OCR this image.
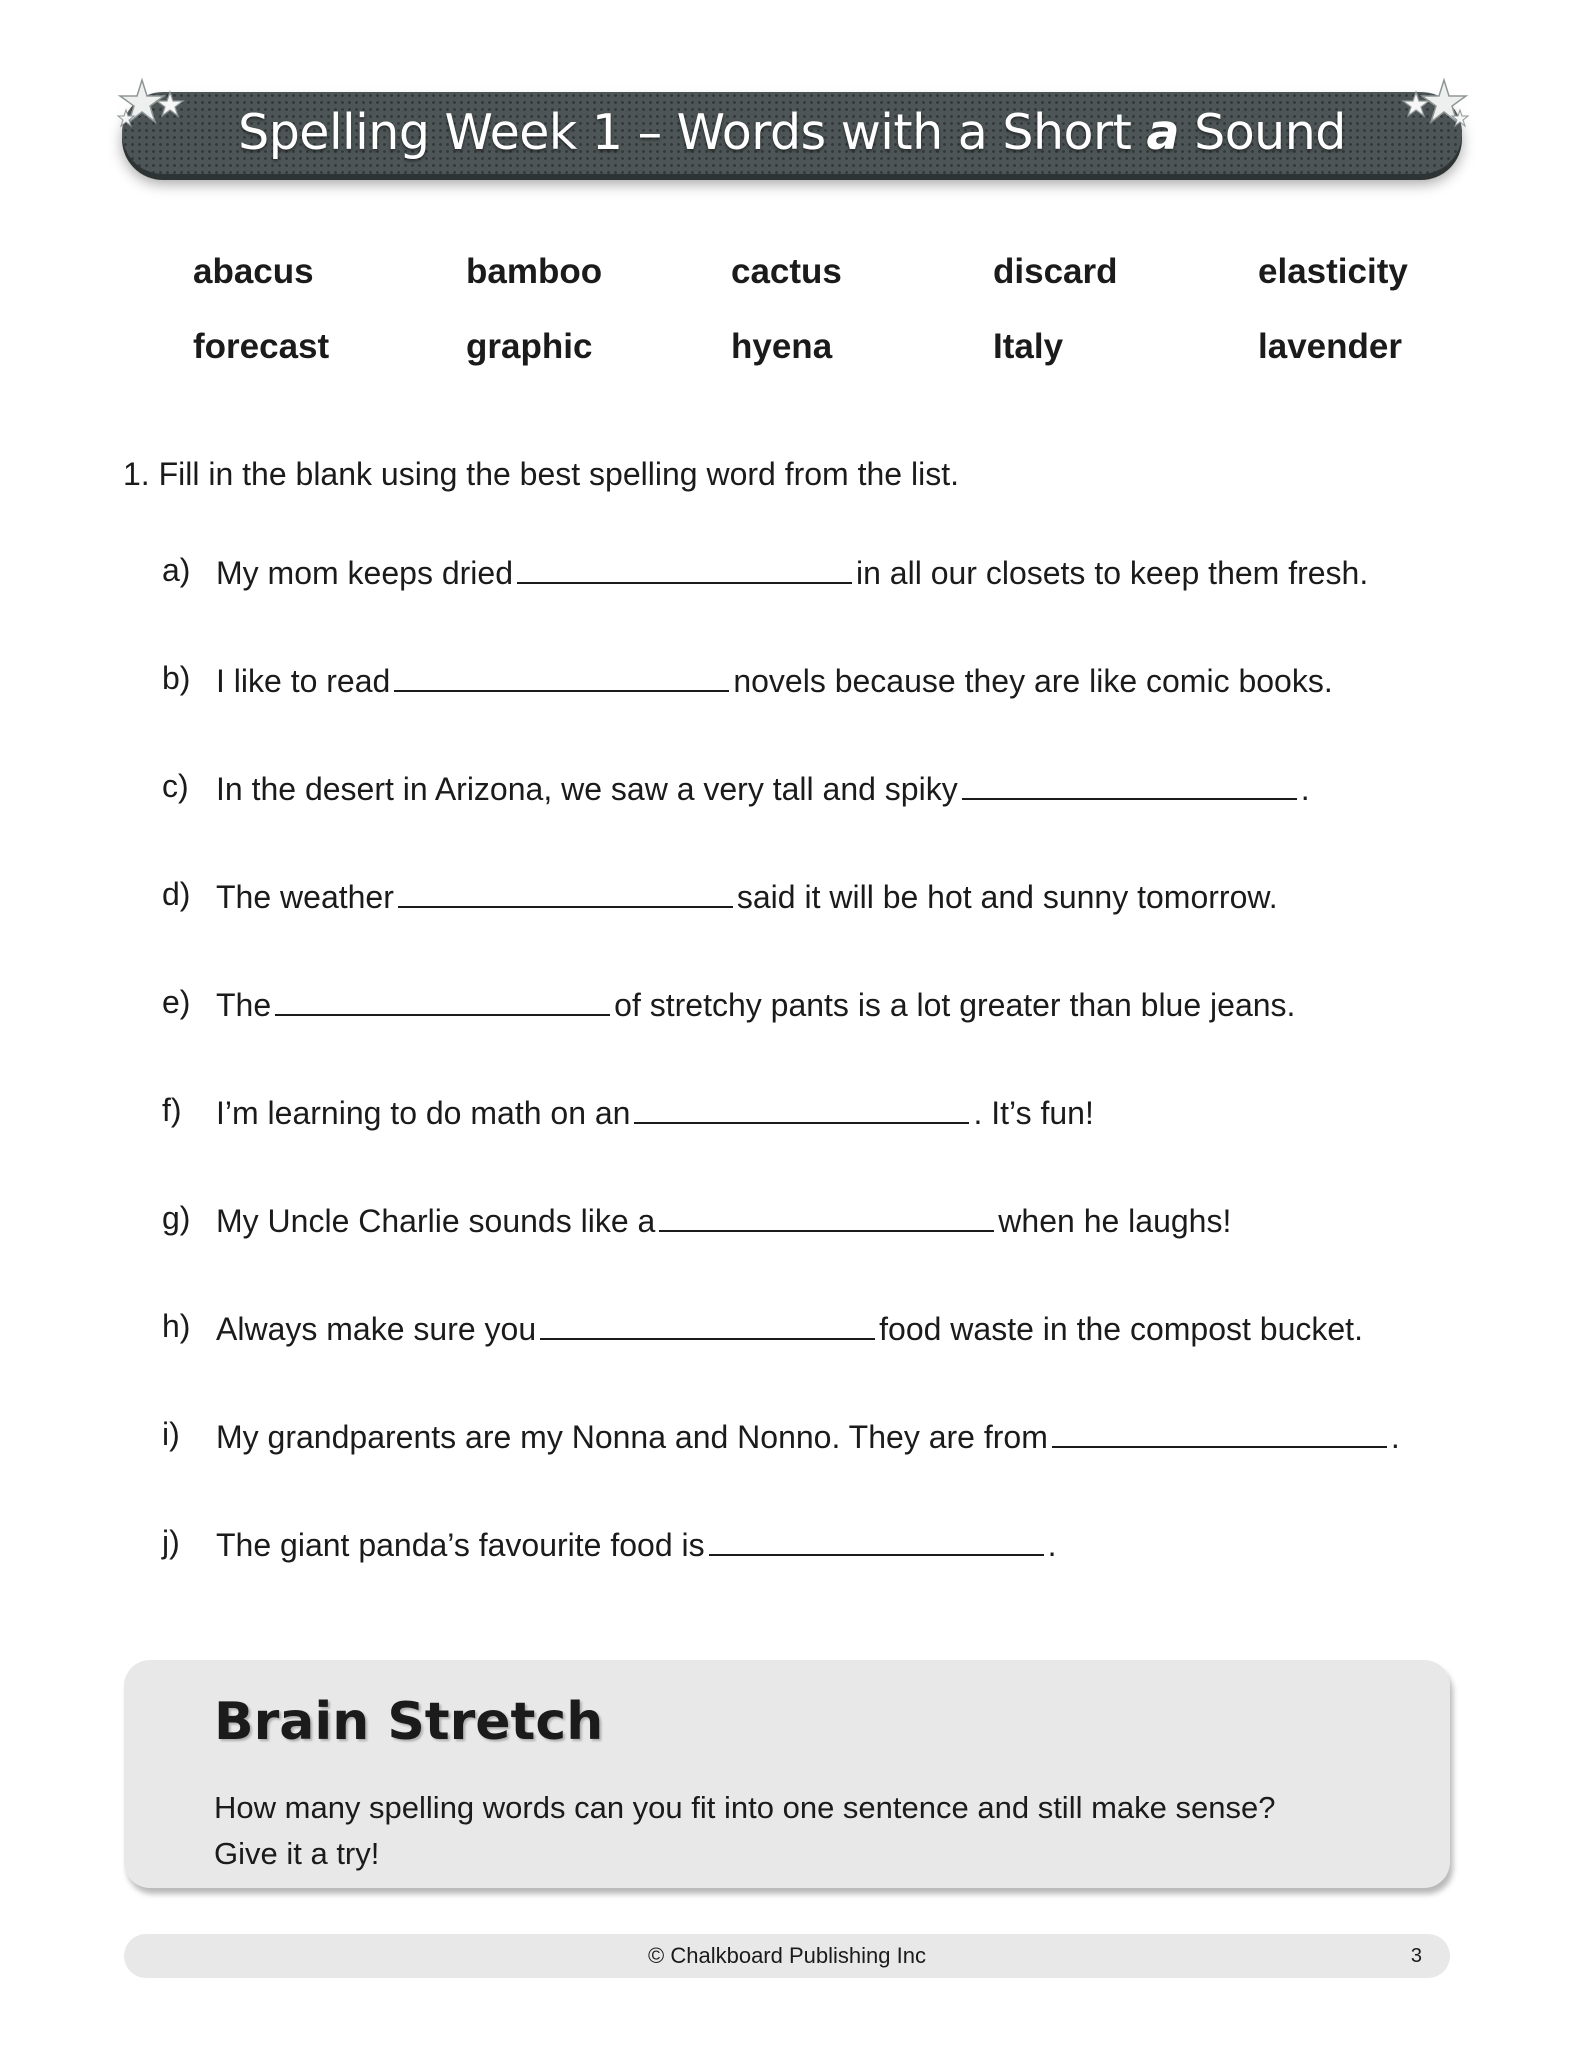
Spelling Week 1 – Words with a Short a Sound
abacus	bamboo	cactus	discard	elasticity
forecast	graphic	hyena	Italy	lavender
1. Fill in the blank using the best spelling word from the list.
a) My mom keeps dried	in all our closets to keep them fresh.
b) I like to read	novels because they are like comic books.
c) In the desert in Arizona, we saw a very tall and spiky	.
d) The weather	said it will be hot and sunny tomorrow.
e) The	of stretchy pants is a lot greater than blue jeans.
f) I’m learning to do math on an	. It’s fun!
g) My Uncle Charlie sounds like a	when he laughs!
h) Always make sure you	food waste in the compost bucket.
i) My grandparents are my Nonna and Nonno. They are from	.
j) The giant panda’s favourite food is	.
Brain Stretch
How many spelling words can you fit into one sentence and still make sense?
Give it a try!
© Chalkboard Publishing Inc	3
